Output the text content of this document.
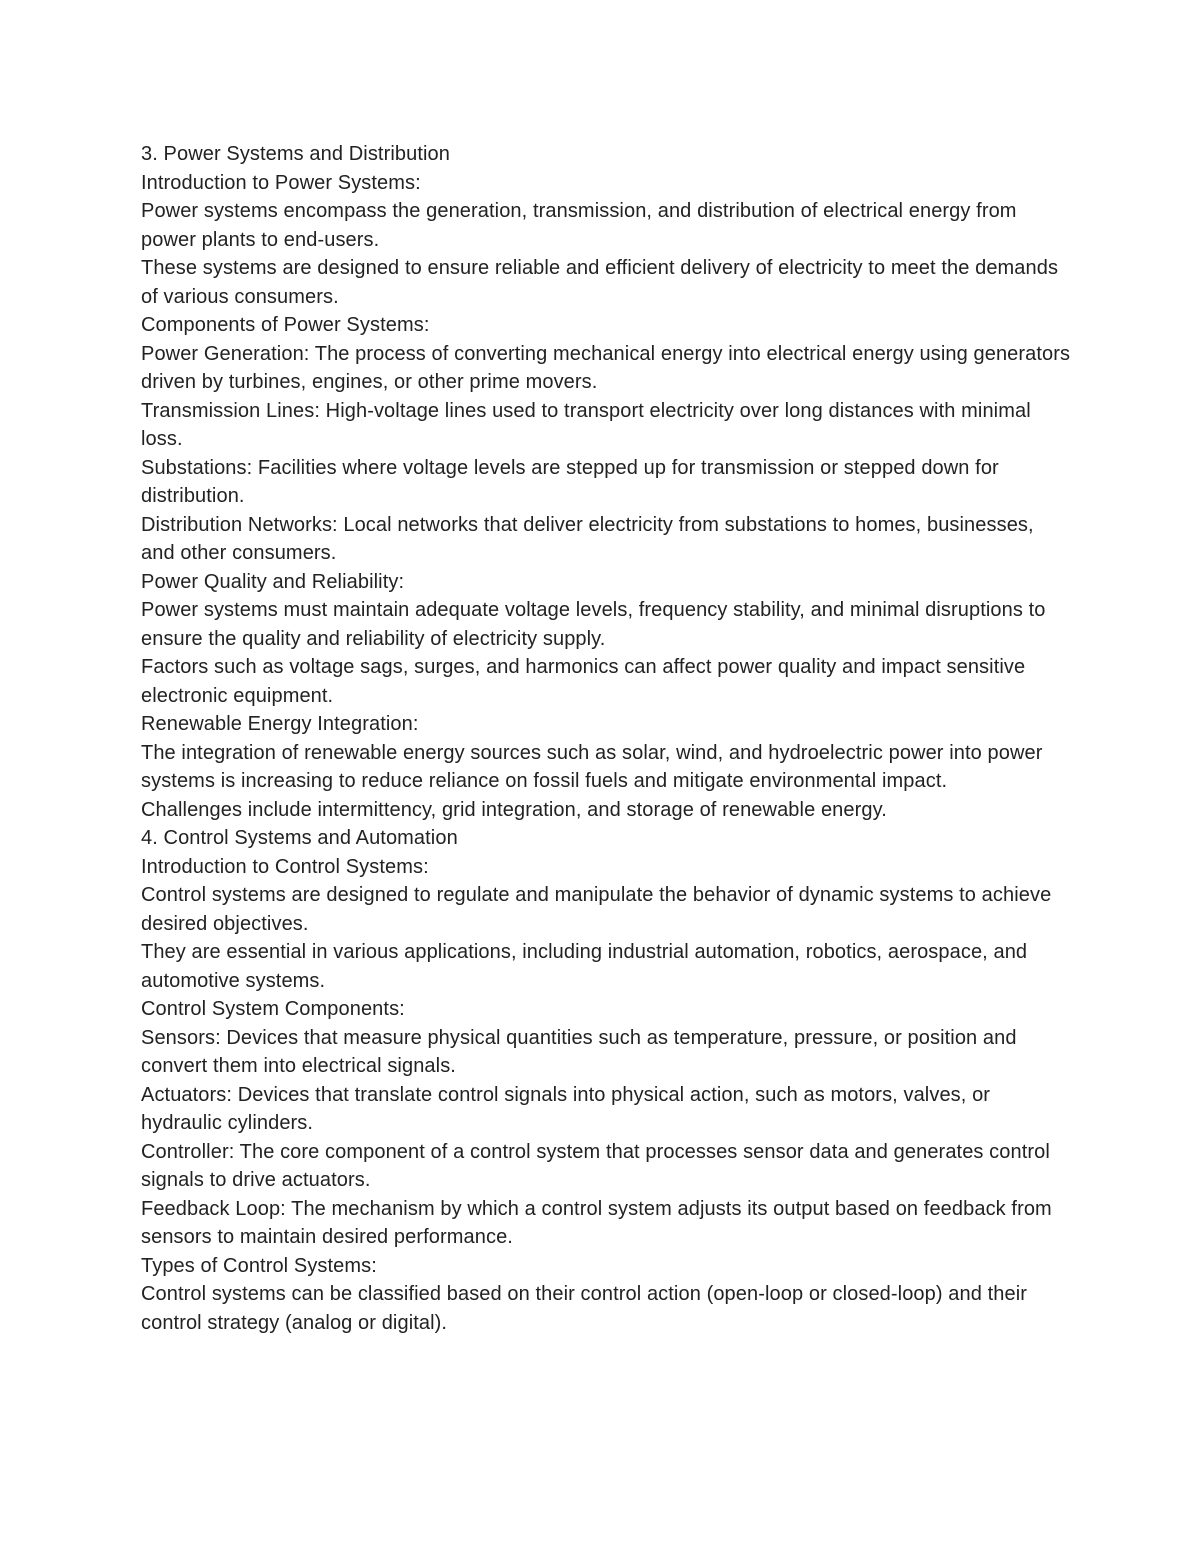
3. Power Systems and Distribution

Introduction to Power Systems:

Power systems encompass the generation, transmission, and distribution of electrical energy from power plants to end-users.

These systems are designed to ensure reliable and efficient delivery of electricity to meet the demands of various consumers.

Components of Power Systems:

Power Generation: The process of converting mechanical energy into electrical energy using generators driven by turbines, engines, or other prime movers.

Transmission Lines: High-voltage lines used to transport electricity over long distances with minimal loss.

Substations: Facilities where voltage levels are stepped up for transmission or stepped down for distribution.

Distribution Networks: Local networks that deliver electricity from substations to homes, businesses, and other consumers.

Power Quality and Reliability:

Power systems must maintain adequate voltage levels, frequency stability, and minimal disruptions to ensure the quality and reliability of electricity supply.

Factors such as voltage sags, surges, and harmonics can affect power quality and impact sensitive electronic equipment.

Renewable Energy Integration:

The integration of renewable energy sources such as solar, wind, and hydroelectric power into power systems is increasing to reduce reliance on fossil fuels and mitigate environmental impact.

Challenges include intermittency, grid integration, and storage of renewable energy.

4. Control Systems and Automation

Introduction to Control Systems:

Control systems are designed to regulate and manipulate the behavior of dynamic systems to achieve desired objectives.

They are essential in various applications, including industrial automation, robotics, aerospace, and automotive systems.

Control System Components:

Sensors: Devices that measure physical quantities such as temperature, pressure, or position and convert them into electrical signals.

Actuators: Devices that translate control signals into physical action, such as motors, valves, or hydraulic cylinders.

Controller: The core component of a control system that processes sensor data and generates control signals to drive actuators.

Feedback Loop: The mechanism by which a control system adjusts its output based on feedback from sensors to maintain desired performance.

Types of Control Systems:

Control systems can be classified based on their control action (open-loop or closed-loop) and their control strategy (analog or digital).
